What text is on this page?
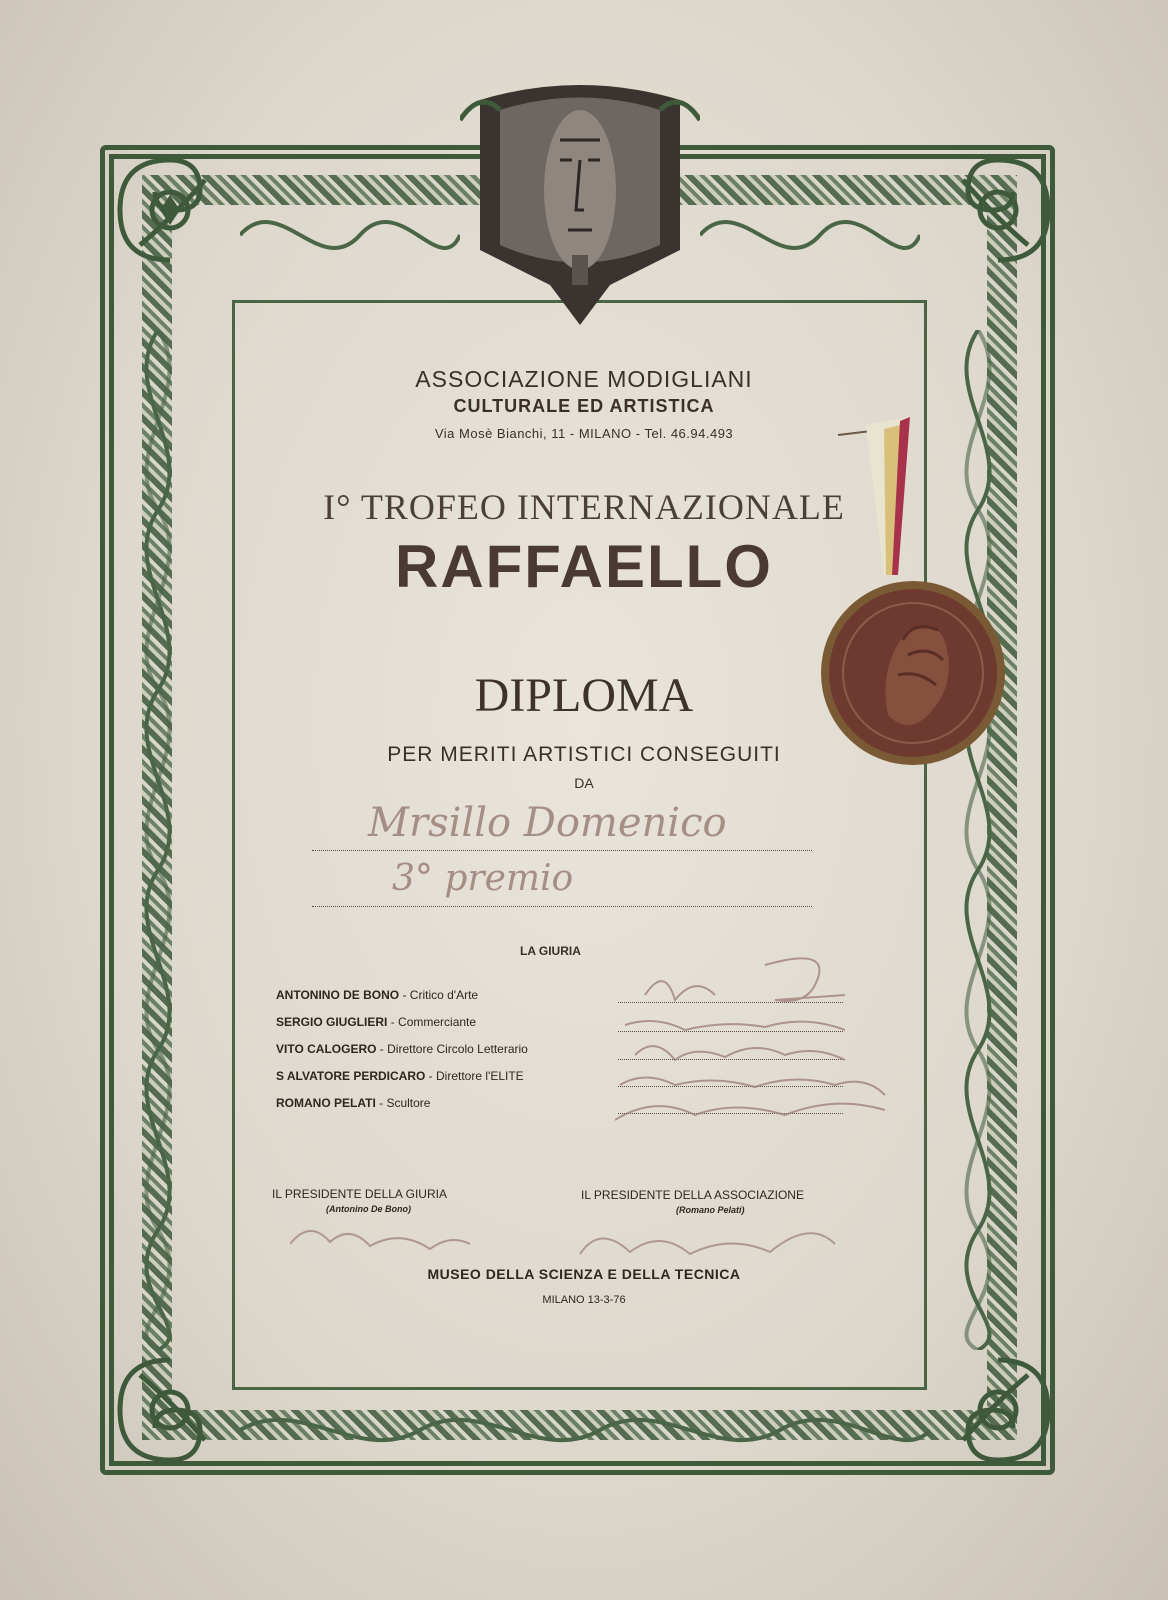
ASSOCIAZIONE MODIGLIANI
CULTURALE ED ARTISTICA
Via Mosè Bianchi, 11 - MILANO - Tel. 46.94.493
I° TROFEO INTERNAZIONALE
RAFFAELLO
DIPLOMA
PER MERITI ARTISTICI CONSEGUITI
DA
Mrsillo Domenico
3° premio
LA GIURIA
ANTONINO DE BONO - Critico d'Arte
SERGIO GIUGLIERI - Commerciante
VITO CALOGERO - Direttore Circolo Letterario
S ALVATORE PERDICARO - Direttore l'ELITE
ROMANO PELATI - Scultore
IL PRESIDENTE DELLA GIURIA
(Antonino De Bono)
IL PRESIDENTE DELLA ASSOCIAZIONE
(Romano Pelati)
MUSEO DELLA SCIENZA E DELLA TECNICA
MILANO 13-3-76
